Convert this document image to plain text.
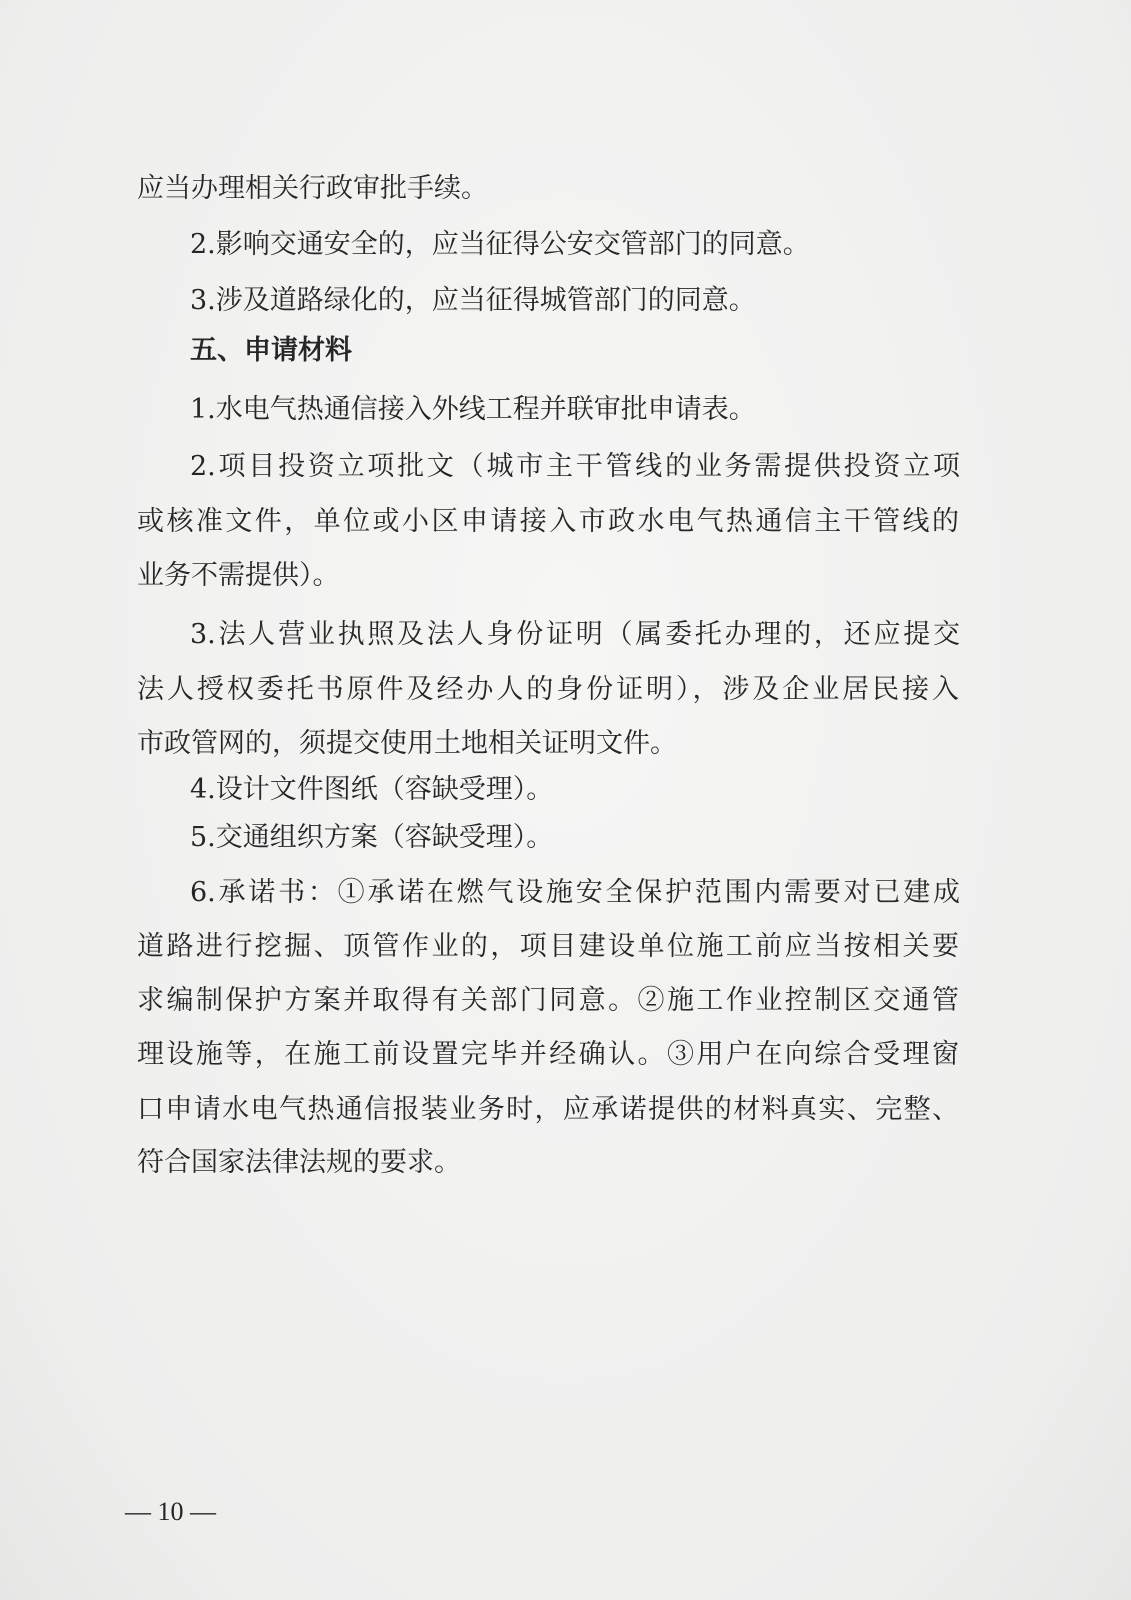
应当办理相关行政审批手续。
2.影响交通安全的，应当征得公安交管部门的同意。
3.涉及道路绿化的，应当征得城管部门的同意。
五、申请材料
1.水电气热通信接入外线工程并联审批申请表。
2.项目投资立项批文（城市主干管线的业务需提供投资立项
或核准文件，单位或小区申请接入市政水电气热通信主干管线的
业务不需提供）。
3.法人营业执照及法人身份证明（属委托办理的，还应提交
法人授权委托书原件及经办人的身份证明），涉及企业居民接入
市政管网的，须提交使用土地相关证明文件。
4.设计文件图纸（容缺受理）。
5.交通组织方案（容缺受理）。
6.承诺书：①承诺在燃气设施安全保护范围内需要对已建成
道路进行挖掘、顶管作业的，项目建设单位施工前应当按相关要
求编制保护方案并取得有关部门同意。②施工作业控制区交通管
理设施等，在施工前设置完毕并经确认。③用户在向综合受理窗
口申请水电气热通信报装业务时，应承诺提供的材料真实、完整、
符合国家法律法规的要求。
— 10 —
